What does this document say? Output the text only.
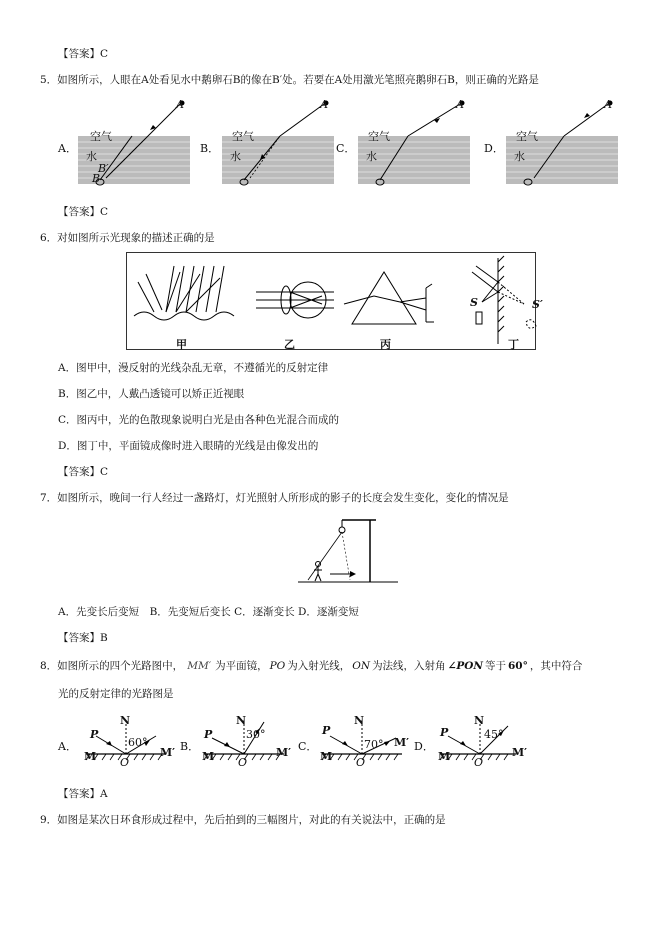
【答案】C
5．如图所示，人眼在A处看见水中鹅卵石B的像在B′处。若要在A处用激光笔照亮鹅卵石B，则正确的光路是
A．	B．	C．	D．
空气
水
A
B
B′
空气
水
A
空气
水
A
空气
水
A
【答案】C
6．对如图所示光现象的描述正确的是
甲	乙	丙	丁
S	S′
A．图甲中，漫反射的光线杂乱无章，不遵循光的反射定律
B．图乙中，人戴凸透镜可以矫正近视眼
C．图丙中，光的色散现象说明白光是由各种色光混合而成的
D．图丁中，平面镜成像时进入眼睛的光线是由像发出的
【答案】C
7．如图所示，晚间一行人经过一盏路灯，灯光照射人所形成的影子的长度会发生变化，变化的情况是
A．先变长后变短　B．先变短后变长 C．逐渐变长 D．逐渐变短
【答案】B
8．如图所示的四个光路图中， MM′ 为平面镜， PO 为入射光线， ON 为法线，入射角 ∠PON 等于 60° ，其中符合
光的反射定律的光路图是
A．	B．	C．	D．
P
N
60°
M	M′
O
P
N
30°
M	M′
O
P
N
70°
M
M′
O
P
N
45°
M	M′
O
【答案】A
9．如图是某次日环食形成过程中，先后拍到的三幅图片，对此的有关说法中，正确的是
